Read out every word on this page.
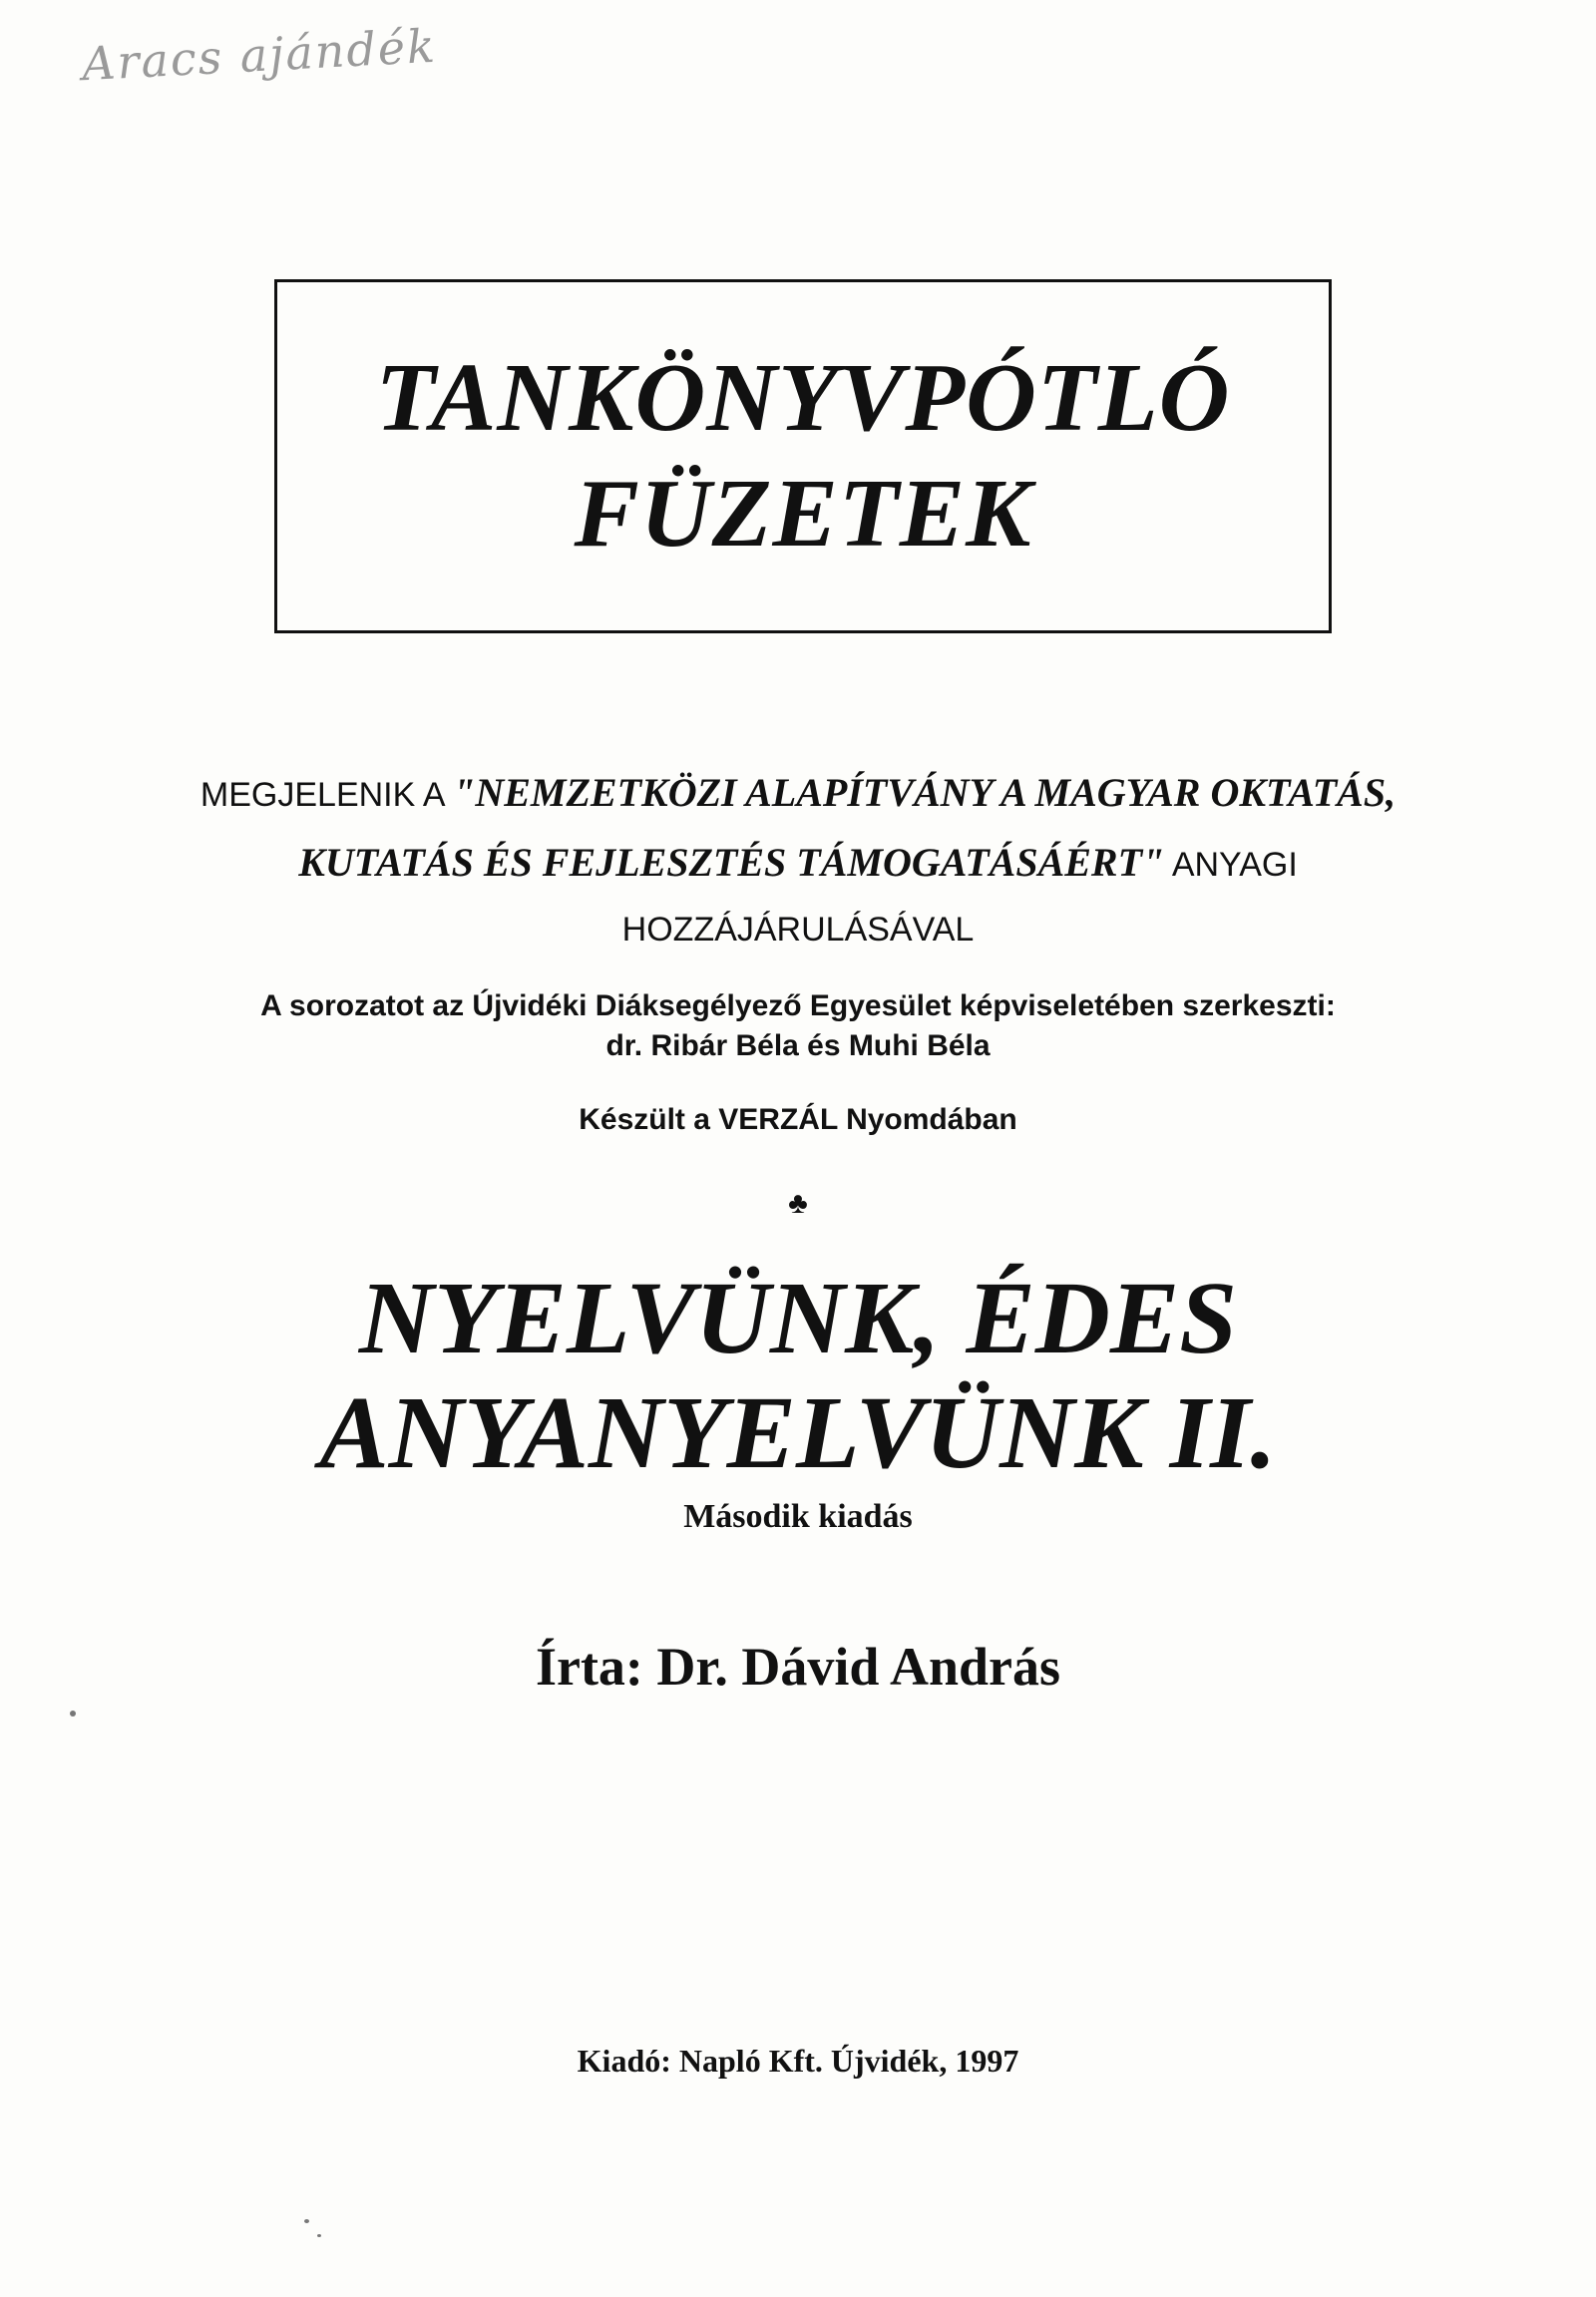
Aracs ajándék
TANKÖNYVPÓTLÓ
FÜZETEK
MEGJELENIK A "NEMZETKÖZI ALAPÍTVÁNY A MAGYAR OKTATÁS,
KUTATÁS ÉS FEJLESZTÉS TÁMOGATÁSÁÉRT" ANYAGI
HOZZÁJÁRULÁSÁVAL
A sorozatot az Újvidéki Diáksegélyező Egyesület képviseletében szerkeszti:
dr. Ribár Béla és Muhi Béla
Készült a VERZÁL Nyomdában
♣
NYELVÜNK, ÉDES
ANYANYELVÜNK II.
Második kiadás
Írta: Dr. Dávid András
Kiadó: Napló Kft. Újvidék, 1997
